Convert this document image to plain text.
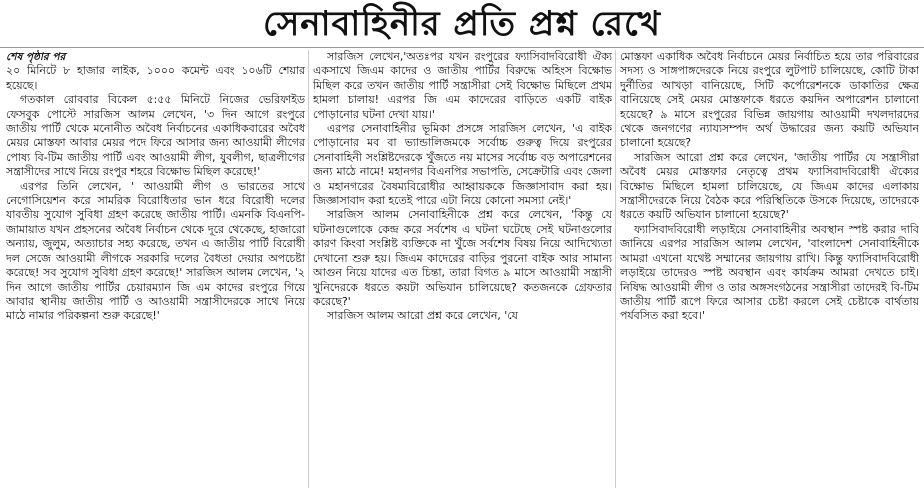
সেনাবাহিনীর প্রতি প্রশ্ন রেখে

শেষ পৃষ্ঠার পর

২০ মিনিটে ৮ হাজার লাইক, ১০০০ কমেন্ট এবং ১০৬টি শেয়ার হয়েছে।

গতকাল রোববার বিকেল ৫:৫৫ মিনিটে নিজের ভেরিফাইড ফেসবুক পোস্টে সারজিস আলম লেখেন, '৩ দিন আগে রংপুরে জাতীয় পার্টি থেকে মনোনীত অবৈধ নির্বাচনের একাধিকবারের অবৈধ মেয়র মোস্তফা আবার মেয়র পদে ফিরে আসার জন্য আওয়ামী লীগের পোষ্য বি-টিম জাতীয় পার্টি এবং আওয়ামী লীগ, যুবলীগ, ছাত্রলীগের সন্ত্রাসীদের সাথে নিয়ে রংপুর শহরে বিক্ষোভ মিছিল করেছে!'

এরপর তিনি লেখেন, ' আওয়ামী লীগ ও ভারতের সাথে নেগোসিয়েশন করে সামরিক বিরোধিতার ভান ধরে বিরোধী দলের যাবতীয় সুযোগ সুবিধা গ্রহণ করেছে জাতীয় পার্টি। এমনকি বিএনপি-জামায়াত যখন প্রহসনের অবৈধ নির্বাচন থেকে দূরে থেকেছে, হাজারো অন্যায়, জুলুম, অত্যাচার সহ্য করেছে, তখন এ জাতীয় পার্টি বিরোধী দল সেজে আওয়ামী লীগকে সরকারি দলের বৈধতা দেয়ার অপচেষ্টা করেছে! সব সুযোগ সুবিধা গ্রহণ করেছে!' সারজিস আলম লেখেন, '২ দিন আগে জাতীয় পার্টির চেয়ারম্যান জি এম কাদের রংপুরে গিয়ে আবার স্থানীয় জাতীয় পার্টি ও আওয়ামী সন্ত্রাসীদেরকে সাথে নিয়ে মাঠে নামার পরিকল্পনা শুরু করেছে!'

সারজিস লেখেন,'অতঃপর যখন রংপুরের ফ্যাসিবাদবিরোধী ঐক্য একসাথে জিএম কাদের ও জাতীয় পার্টির বিরুদ্ধে অহিংস বিক্ষোভ মিছিল করে তখন জাতীয় পার্টি সন্ত্রাসীরা সেই বিক্ষোভ মিছিলে প্রথম হামলা চালায়! এরপর জি এম কাদেরের বাড়িতে একটি বাইক পোড়ানোর ঘটনা দেখা যায়।'

এরপর সেনাবাহিনীর ভূমিকা প্রসঙ্গে সারজিস লেখেন, 'এ বাইক পোড়ানোর মব বা ভ্যান্ডালিজমকে সর্বোচ্চ গুরুত্ব দিয়ে রংপুরের সেনাবাহিনী সংশ্লিষ্টদেরকে খুঁজতে নয় মাসের সর্বোচ্চ বড় অপারেশনের জন্য মাঠে নামে! মহানগর বিএনপির সভাপতি, সেক্রেটারি এবং জেলা ও মহানগরের বৈষম্যবিরোধীর আহ্বায়ককে জিজ্ঞাসাবাদ করা হয়। জিজ্ঞাসাবাদ করা হতেই পারে এটা নিয়ে কোনো সমস্যা নেই।'

সারজিস আলম সেনাবাহিনীকে প্রশ্ন করে লেখেন, 'কিন্তু যে ঘটনাগুলোকে কেন্দ্র করে সর্বশেষ এ ঘটনা ঘটেছে সেই ঘটনাগুলোর কারণ কিংবা সংশ্লিষ্ট ব্যক্তিকে না খুঁজে সর্বশেষ বিষয় নিয়ে আদিখ্যেতা দেখানো শুরু হয়। জিএম কাদেরের বাড়ির পুরনো বাইক আর সামান্য আগুন নিয়ে যাদের এত চিন্তা, তারা বিগত ৯ মাসে আওয়ামী সন্ত্রাসী খুনিদেরকে ধরতে কয়টা অভিযান চালিয়েছে? কতজনকে গ্রেফতার করেছে?'

সারজিস আলম আরো প্রশ্ন করে লেখেন, 'যে

মোস্তফা একাধিক অবৈধ নির্বাচনে মেয়র নির্বাচিত হয়ে তার পরিবারের সদস্য ও সাঙ্গপাঙ্গদেরকে নিয়ে রংপুরে লুটপাট চালিয়েছে, কোটি টাকা দুর্নীতির আখড়া বানিয়েছে, সিটি কর্পোরেশনকে ডাকাতির ক্ষেত্র বানিয়েছে সেই মেয়র মোস্তফাকে ধরতে কয়দিন অপারেশন চালানো হয়েছে? ৯ মাসে রংপুরের বিভিন্ন জায়গায় আওয়ামী দখলদারদের থেকে জনগণের ন্যায্যসম্পদ অর্থ উদ্ধারের জন্য কয়টি অভিযান চালানো হয়েছে?

সারজিস আরো প্রশ্ন করে লেখেন, 'জাতীয় পার্টির যে সন্ত্রাসীরা অবৈধ মেয়র মোস্তফার নেতৃত্বে প্রথম ফ্যাসিবাদবিরোধী ঐক্যের বিক্ষোভ মিছিলে হামলা চালিয়েছে, যে জিএম কাদের এলাকায় সন্ত্রাসীদেরকে নিয়ে বৈঠক করে পরিস্থিতিকে উসকে দিয়েছে, তাদেরকে ধরতে কয়টি অভিযান চালানো হয়েছে?'

ফ্যাসিবাদবিরোধী লড়াইয়ে সেনাবাহিনীর অবস্থান স্পষ্ট করার দাবি জানিয়ে এরপর সারজিস আলম লেখেন, 'বাংলাদেশ সেনাবাহিনীকে আমরা এখনো যথেষ্ট সম্মানের জায়গায় রাখি। কিন্তু ফ্যাসিবাদবিরোধী লড়াইয়ে তাদেরও স্পষ্ট অবস্থান এবং কার্যক্রম আমরা দেখতে চাই। নিষিদ্ধ আওয়ামী লীগ ও তার অঙ্গসংগঠনের সন্ত্রাসীরা তাদেরই বি-টিম জাতীয় পার্টি রূপে ফিরে আসার চেষ্টা করলে সেই চেষ্টাকে বার্থতায় পর্যবসিত করা হবে।'
